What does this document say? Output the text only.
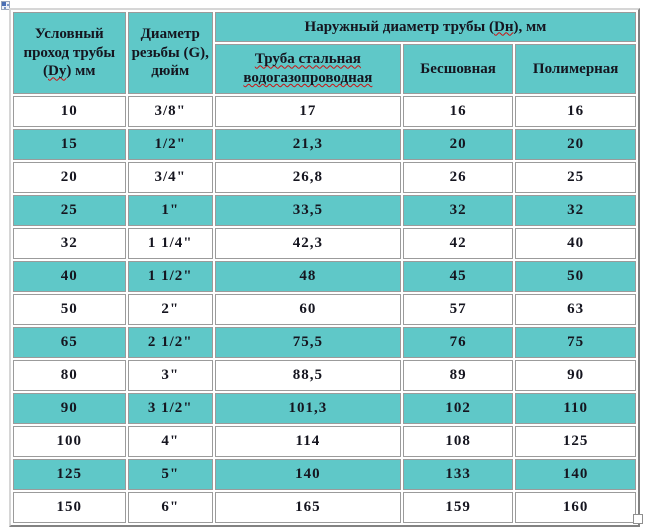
Условный проход трубы (Dy) мм	Диаметр резьбы (G), дюйм	Наружный диаметр трубы (Dн), мм		
		Труба стальная водогазопроводная	Бесшовная	Полимерная
10	3/8"	17	16	16
15	1/2"	21,3	20	20
20	3/4"	26,8	26	25
25	1"	33,5	32	32
32	1 1/4"	42,3	42	40
40	1 1/2"	48	45	50
50	2"	60	57	63
65	2 1/2"	75,5	76	75
80	3"	88,5	89	90
90	3 1/2"	101,3	102	110
100	4"	114	108	125
125	5"	140	133	140
150	6"	165	159	160
